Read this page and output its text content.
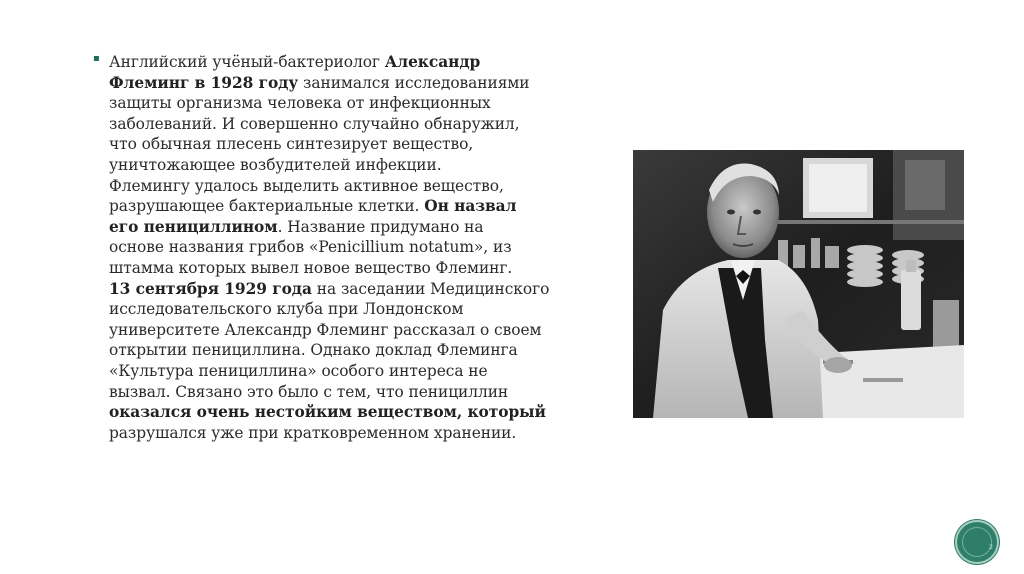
▪ Английский учёный-бактериолог Александр
Флеминг в 1928 году занимался исследованиями
защиты организма человека от инфекционных
заболеваний. И совершенно случайно обнаружил,
что обычная плесень синтезирует вещество,
уничтожающее возбудителей инфекции.
Флемингу удалось выделить активное вещество,
разрушающее бактериальные клетки. Он назвал
его пенициллином. Название придумано на
основе названия грибов «Penicillium notatum», из
штамма которых вывел новое вещество Флеминг.
13 сентября 1929 года на заседании Медицинского
исследовательского клуба при Лондонском
университете Александр Флеминг рассказал о своем
открытии пенициллина. Однако доклад Флеминга
«Культура пенициллина» особого интереса не
вызвал. Связано это было с тем, что пенициллин
оказался очень нестойким веществом, который
разрушался уже при кратковременном хранении.
2
